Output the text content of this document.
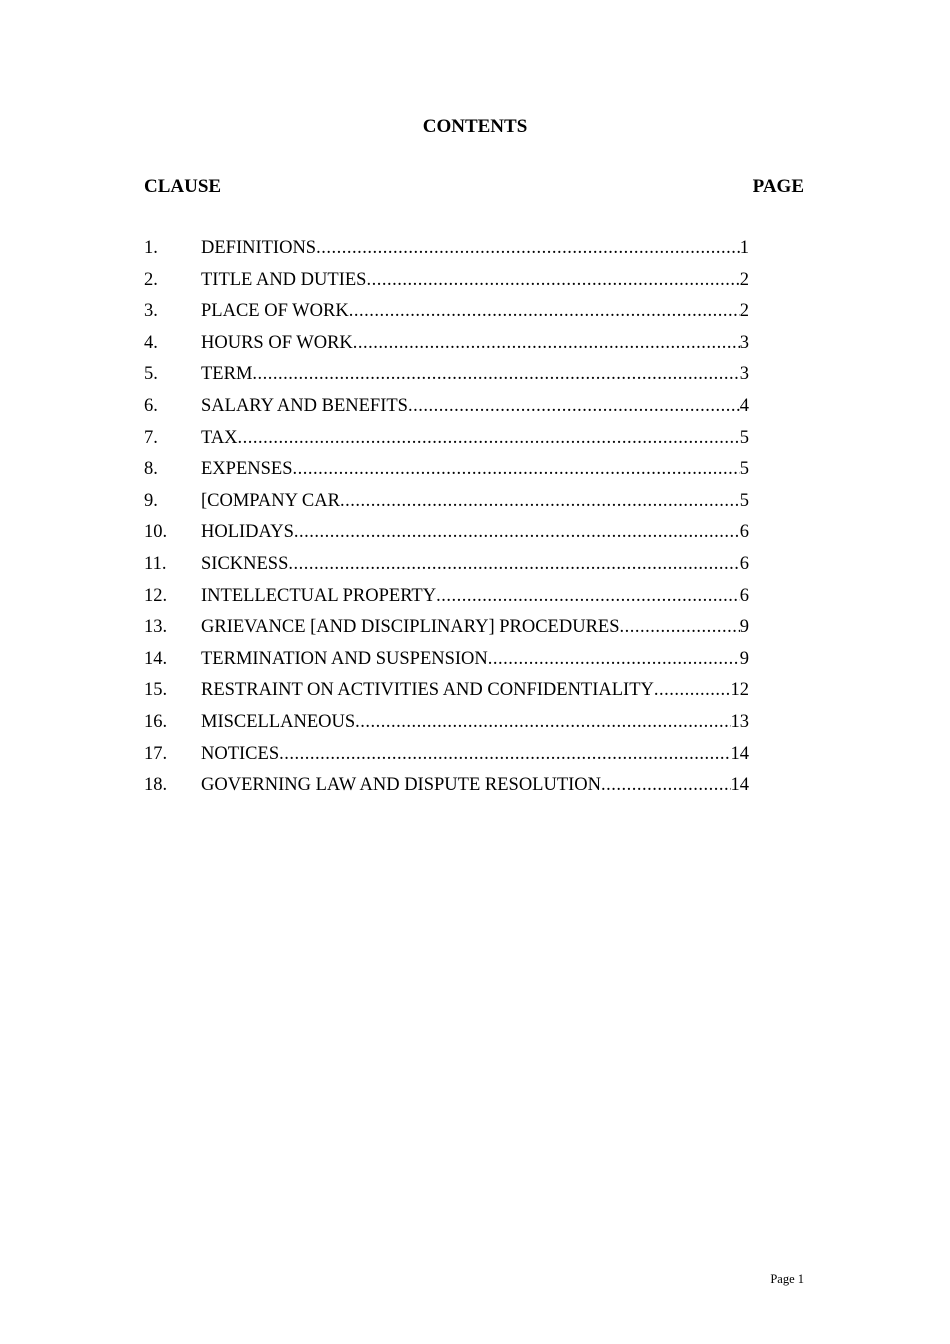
CONTENTS
CLAUSE	PAGE
1. DEFINITIONS .....	1
2. TITLE AND DUTIES .....	2
3. PLACE OF WORK .....	2
4. HOURS OF WORK .....	3
5. TERM .....	3
6. SALARY AND BENEFITS .....	4
7. TAX .....	5
8. EXPENSES .....	5
9. [COMPANY CAR .....	5
10. HOLIDAYS .....	6
11. SICKNESS .....	6
12. INTELLECTUAL PROPERTY .....	6
13. GRIEVANCE [AND DISCIPLINARY] PROCEDURES .....	9
14. TERMINATION AND SUSPENSION .....	9
15. RESTRAINT ON ACTIVITIES AND CONFIDENTIALITY .....	12
16. MISCELLANEOUS .....	13
17. NOTICES .....	14
18. GOVERNING LAW AND DISPUTE RESOLUTION .....	14
Page 1
